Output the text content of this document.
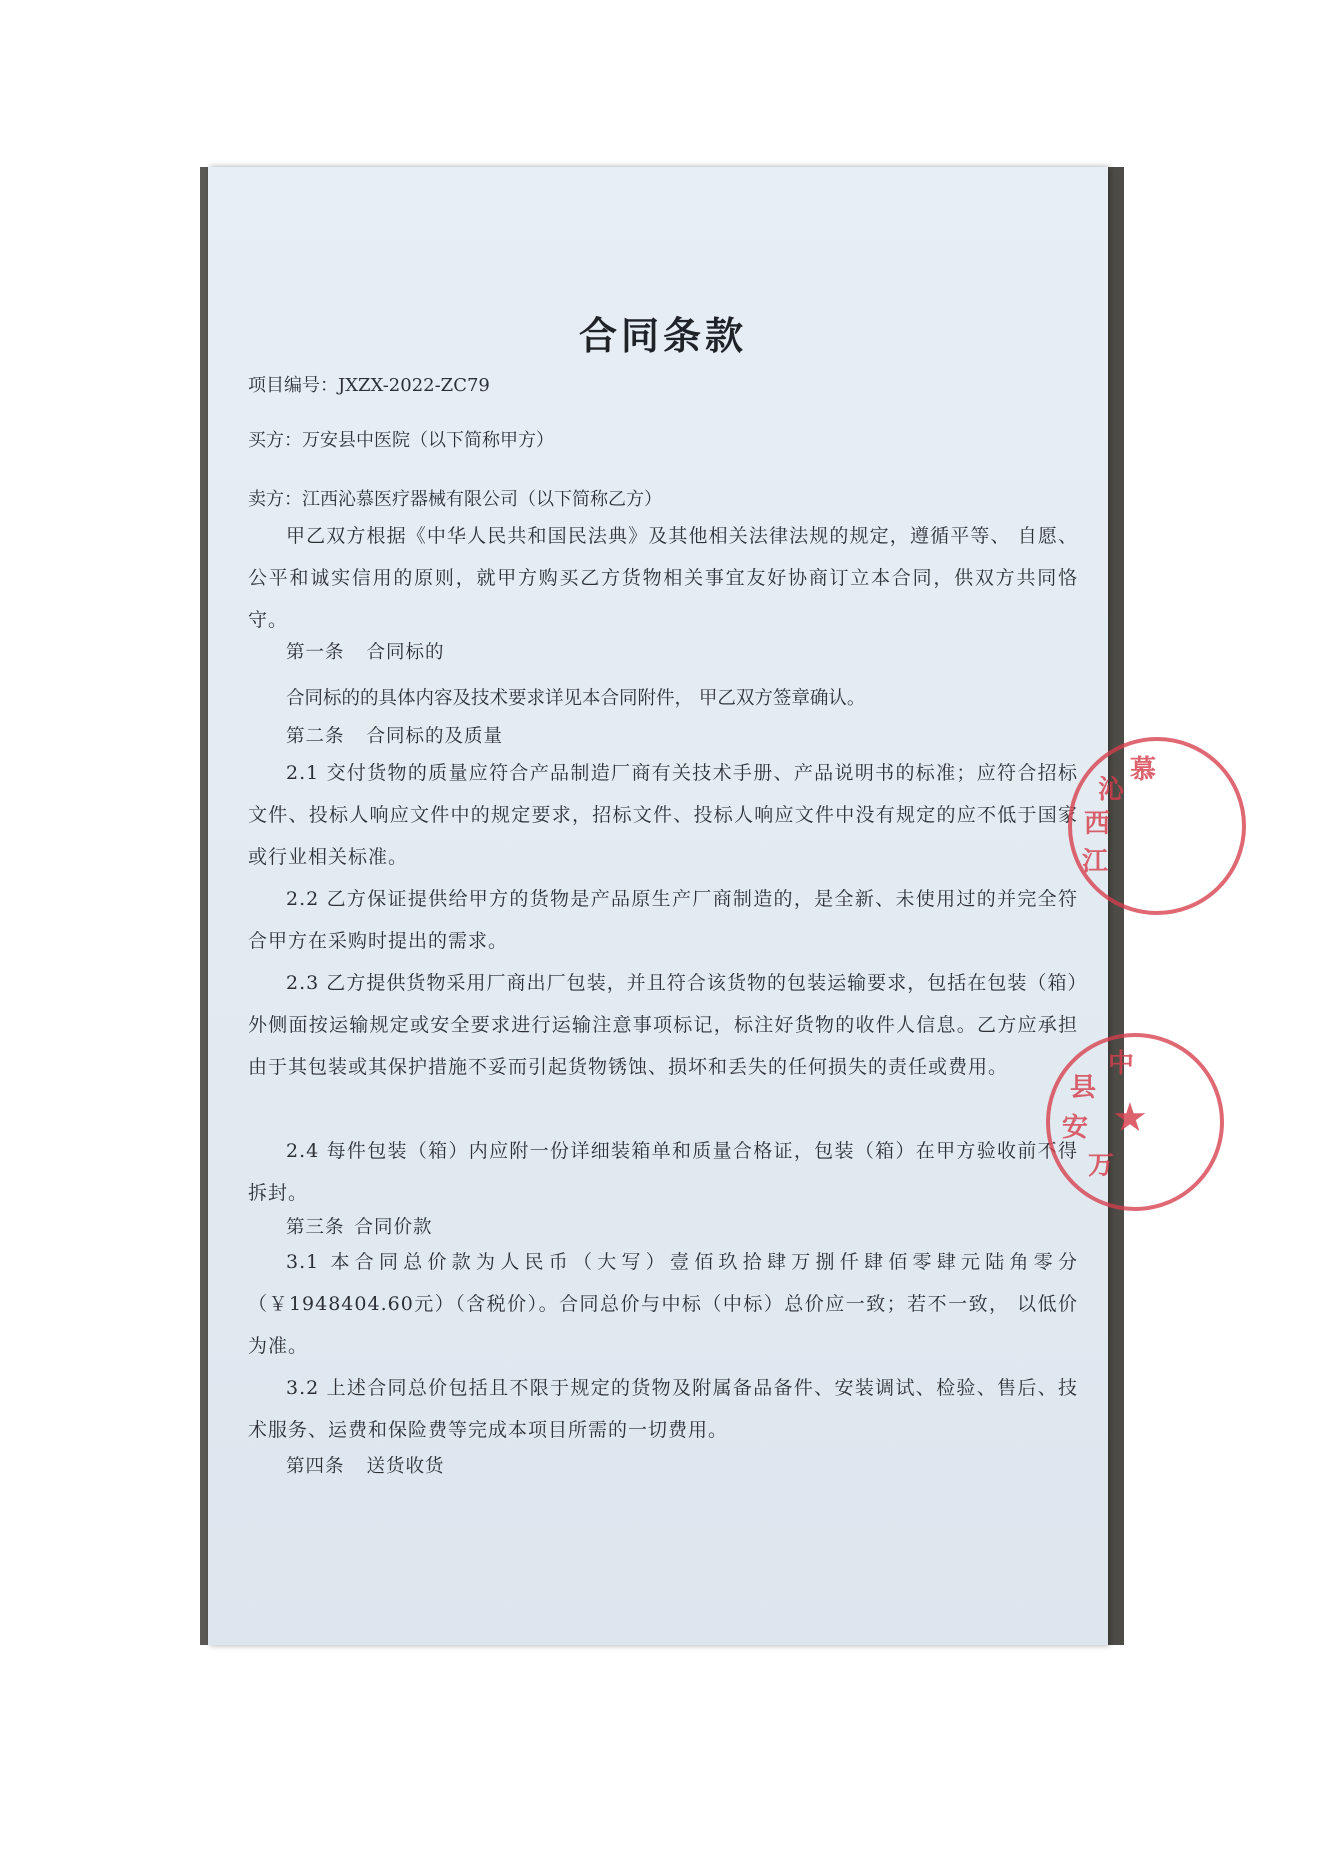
合同条款
项目编号：JXZX-2022-ZC79
买方：万安县中医院（以下简称甲方）
卖方：江西沁慕医疗器械有限公司（以下简称乙方）
甲乙双方根据《中华人民共和国民法典》及其他相关法律法规的规定，遵循平等、 自愿、公平和诚实信用的原则，就甲方购买乙方货物相关事宜友好协商订立本合同，供双方共同恪守。
第一条 合同标的
合同标的的具体内容及技术要求详见本合同附件， 甲乙双方签章确认。
第二条 合同标的及质量
2.1 交付货物的质量应符合产品制造厂商有关技术手册、产品说明书的标准；应符合招标文件、投标人响应文件中的规定要求，招标文件、投标人响应文件中没有规定的应不低于国家或行业相关标准。
2.2 乙方保证提供给甲方的货物是产品原生产厂商制造的，是全新、未使用过的并完全符合甲方在采购时提出的需求。
2.3 乙方提供货物采用厂商出厂包装，并且符合该货物的包装运输要求，包括在包装（箱）外侧面按运输规定或安全要求进行运输注意事项标记，标注好货物的收件人信息。乙方应承担由于其包装或其保护措施不妥而引起货物锈蚀、损坏和丢失的任何损失的责任或费用。
2.4 每件包装（箱）内应附一份详细装箱单和质量合格证，包装（箱）在甲方验收前不得拆封。
第三条 合同价款
3.1 本合同总价款为人民币（大写）壹佰玖拾肆万捌仟肆佰零肆元陆角零分（￥1948404.60元）（含税价）。合同总价与中标（中标）总价应一致；若不一致， 以低价为准。
3.2 上述合同总价包括且不限于规定的货物及附属备品备件、安装调试、检验、售后、技术服务、运费和保险费等完成本项目所需的一切费用。
第四条 送货收货
江
西
沁
慕
万
安
县
中
★
